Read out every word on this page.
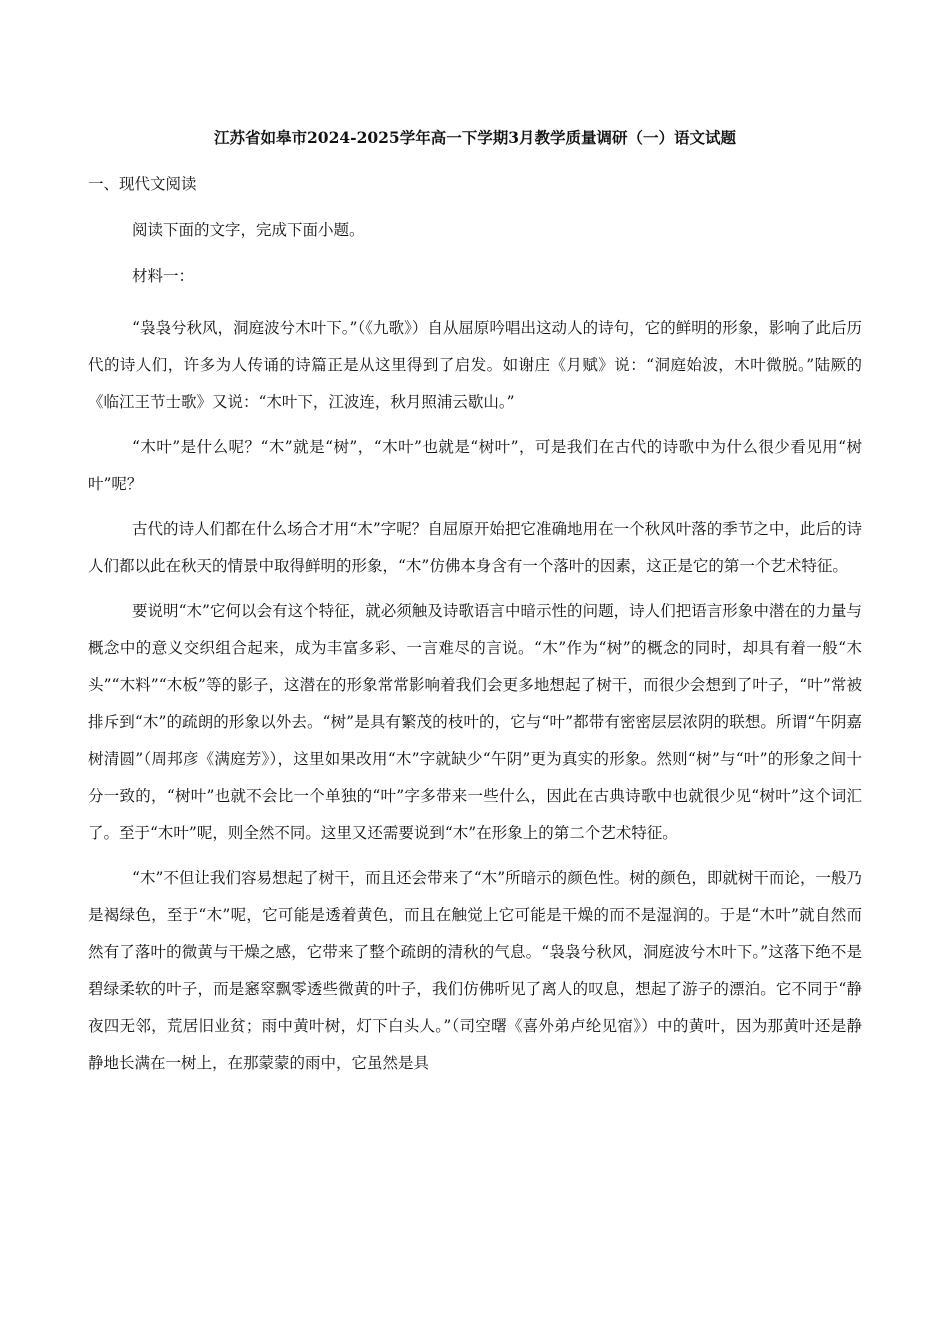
江苏省如皋市2024-2025学年高一下学期3月教学质量调研（一）语文试题

一、现代文阅读

阅读下面的文字，完成下面小题。

材料一：

“袅袅兮秋风，洞庭波兮木叶下。”（《九歌》）自从屈原吟唱出这动人的诗句，它的鲜明的形象，影响了此后历代的诗人们，许多为人传诵的诗篇正是从这里得到了启发。如谢庄《月赋》说：“洞庭始波，木叶微脱。”陆厥的《临江王节士歌》又说：“木叶下，江波连，秋月照浦云歇山。”

“木叶”是什么呢？“木”就是“树”，“木叶”也就是“树叶”，可是我们在古代的诗歌中为什么很少看见用“树叶”呢？

古代的诗人们都在什么场合才用“木”字呢？自屈原开始把它准确地用在一个秋风叶落的季节之中，此后的诗人们都以此在秋天的情景中取得鲜明的形象，“木”仿佛本身含有一个落叶的因素，这正是它的第一个艺术特征。

要说明“木”它何以会有这个特征，就必须触及诗歌语言中暗示性的问题，诗人们把语言形象中潜在的力量与概念中的意义交织组合起来，成为丰富多彩、一言难尽的言说。“木”作为“树”的概念的同时，却具有着一般“木头”“木料”“木板”等的影子，这潜在的形象常常影响着我们会更多地想起了树干，而很少会想到了叶子，“叶”常被排斥到“木”的疏朗的形象以外去。“树”是具有繁茂的枝叶的，它与“叶”都带有密密层层浓阴的联想。所谓“午阴嘉树清圆”（周邦彦《满庭芳》），这里如果改用“木”字就缺少“午阴”更为真实的形象。然则“树”与“叶”的形象之间十分一致的，“树叶”也就不会比一个单独的“叶”字多带来一些什么，因此在古典诗歌中也就很少见“树叶”这个词汇了。至于“木叶”呢，则全然不同。这里又还需要说到“木”在形象上的第二个艺术特征。

“木”不但让我们容易想起了树干，而且还会带来了“木”所暗示的颜色性。树的颜色，即就树干而论，一般乃是褐绿色，至于“木”呢，它可能是透着黄色，而且在触觉上它可能是干燥的而不是湿润的。于是“木叶”就自然而然有了落叶的微黄与干燥之感，它带来了整个疏朗的清秋的气息。“袅袅兮秋风，洞庭波兮木叶下。”这落下绝不是碧绿柔软的叶子，而是窸窣飘零透些微黄的叶子，我们仿佛听见了离人的叹息，想起了游子的漂泊。它不同于“静夜四无邻，荒居旧业贫；雨中黄叶树，灯下白头人。”（司空曙《喜外弟卢纶见宿》）中的黄叶，因为那黄叶还是静静地长满在一树上，在那蒙蒙的雨中，它虽然是具
